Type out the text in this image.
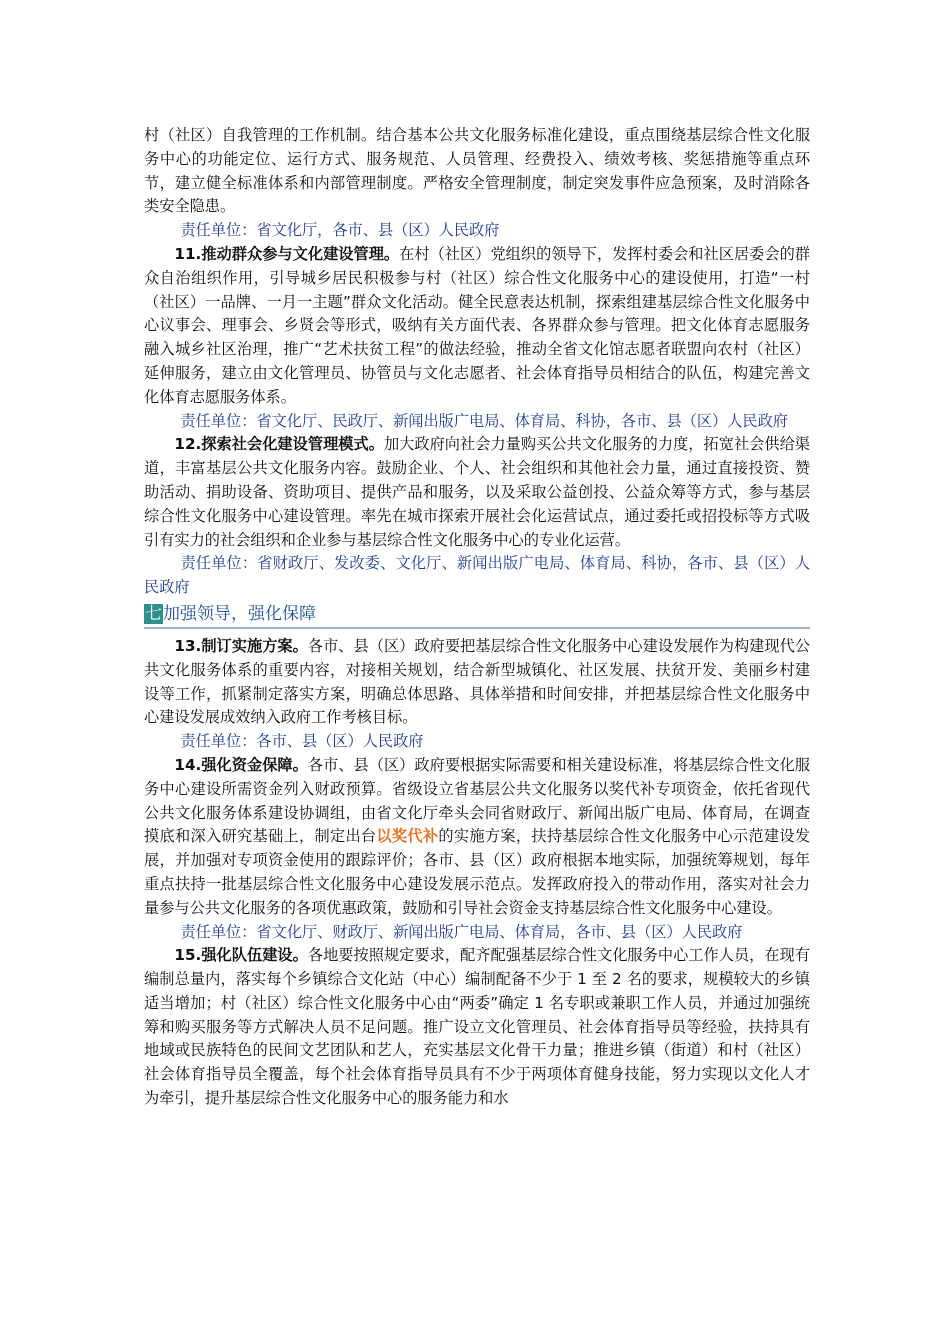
村（社区）自我管理的工作机制。结合基本公共文化服务标准化建设，重点围绕基层综合性文化服务中心的功能定位、运行方式、服务规范、人员管理、经费投入、绩效考核、奖惩措施等重点环节，建立健全标准体系和内部管理制度。严格安全管理制度，制定突发事件应急预案，及时消除各类安全隐患。

责任单位：省文化厅，各市、县（区）人民政府

11.推动群众参与文化建设管理。在村（社区）党组织的领导下，发挥村委会和社区居委会的群众自治组织作用，引导城乡居民积极参与村（社区）综合性文化服务中心的建设使用，打造“一村（社区）一品牌、一月一主题”群众文化活动。健全民意表达机制，探索组建基层综合性文化服务中心议事会、理事会、乡贤会等形式，吸纳有关方面代表、各界群众参与管理。把文化体育志愿服务融入城乡社区治理，推广“艺术扶贫工程”的做法经验，推动全省文化馆志愿者联盟向农村（社区）延伸服务，建立由文化管理员、协管员与文化志愿者、社会体育指导员相结合的队伍，构建完善文化体育志愿服务体系。

责任单位：省文化厅、民政厅、新闻出版广电局、体育局、科协，各市、县（区）人民政府

12.探索社会化建设管理模式。加大政府向社会力量购买公共文化服务的力度，拓宽社会供给渠道，丰富基层公共文化服务内容。鼓励企业、个人、社会组织和其他社会力量，通过直接投资、赞助活动、捐助设备、资助项目、提供产品和服务，以及采取公益创投、公益众筹等方式，参与基层综合性文化服务中心建设管理。率先在城市探索开展社会化运营试点，通过委托或招投标等方式吸引有实力的社会组织和企业参与基层综合性文化服务中心的专业化运营。

责任单位：省财政厅、发改委、文化厅、新闻出版广电局、体育局、科协，各市、县（区）人民政府

七加强领导，强化保障

13.制订实施方案。各市、县（区）政府要把基层综合性文化服务中心建设发展作为构建现代公共文化服务体系的重要内容，对接相关规划，结合新型城镇化、社区发展、扶贫开发、美丽乡村建设等工作，抓紧制定落实方案，明确总体思路、具体举措和时间安排，并把基层综合性文化服务中心建设发展成效纳入政府工作考核目标。

责任单位：各市、县（区）人民政府

14.强化资金保障。各市、县（区）政府要根据实际需要和相关建设标准，将基层综合性文化服务中心建设所需资金列入财政预算。省级设立省基层公共文化服务以奖代补专项资金，依托省现代公共文化服务体系建设协调组，由省文化厅牵头会同省财政厅、新闻出版广电局、体育局，在调查摸底和深入研究基础上，制定出台以奖代补的实施方案，扶持基层综合性文化服务中心示范建设发展，并加强对专项资金使用的跟踪评价；各市、县（区）政府根据本地实际，加强统筹规划，每年重点扶持一批基层综合性文化服务中心建设发展示范点。发挥政府投入的带动作用，落实对社会力量参与公共文化服务的各项优惠政策，鼓励和引导社会资金支持基层综合性文化服务中心建设。

责任单位：省文化厅、财政厅、新闻出版广电局、体育局，各市、县（区）人民政府

15.强化队伍建设。各地要按照规定要求，配齐配强基层综合性文化服务中心工作人员，在现有编制总量内，落实每个乡镇综合文化站（中心）编制配备不少于 1 至 2 名的要求，规模较大的乡镇适当增加；村（社区）综合性文化服务中心由“两委”确定 1 名专职或兼职工作人员，并通过加强统筹和购买服务等方式解决人员不足问题。推广设立文化管理员、社会体育指导员等经验，扶持具有地域或民族特色的民间文艺团队和艺人，充实基层文化骨干力量；推进乡镇（街道）和村（社区）社会体育指导员全覆盖，每个社会体育指导员具有不少于两项体育健身技能，努力实现以文化人才为牵引，提升基层综合性文化服务中心的服务能力和水
